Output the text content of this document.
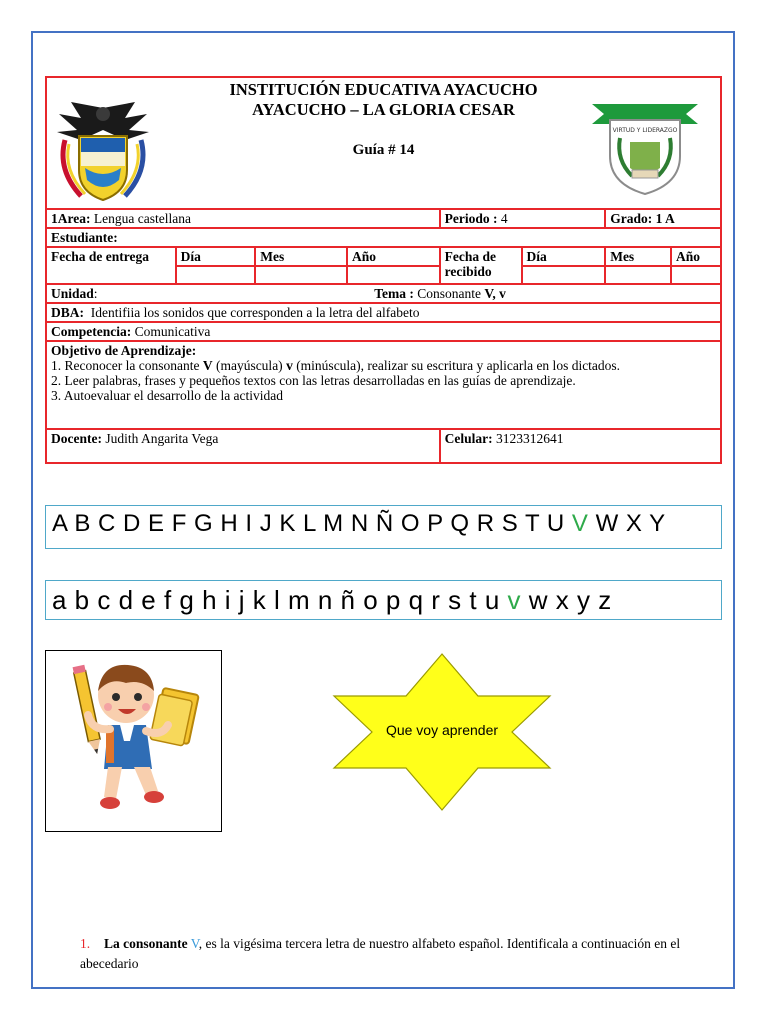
INSTITUCIÓN EDUCATIVA AYACUCHO
AYACUCHO – LA GLORIA CESAR
Guía # 14
VIRTUD Y LIDERAZGO							

1Area: Lengua castellana				Periodo : 4		Grado: 1 A	
Estudiante:							
Fecha de entrega	Día	Mes	Año	Fecha de recibido	Día	Mes	Año

Unidad: Tema : Consonante V, v							
DBA: Identifiia los sonidos que corresponden a la letra del alfabeto							
Competencia: Comunicativa							

Objetivo de Aprendizaje:
1. Reconocer la consonante V (mayúscula) v (minúscula), realizar su escritura y aplicarla en los dictados.
2. Leer palabras, frases y pequeños textos con las letras desarrolladas en las guías de aprendizaje.
3. Autoevaluar el desarrollo de la actividad							

Docente: Judith Angarita Vega				Celular: 3123312641			
A B C D E F G H I J K L M N Ñ O P Q R S T U V W X Y
a b c d e f g h i j k l m n ñ o p q r s t u v w x y z
Que voy aprender
1. La consonante V, es la vigésima tercera letra de nuestro alfabeto español. Identificala a continuación en el abecedario
